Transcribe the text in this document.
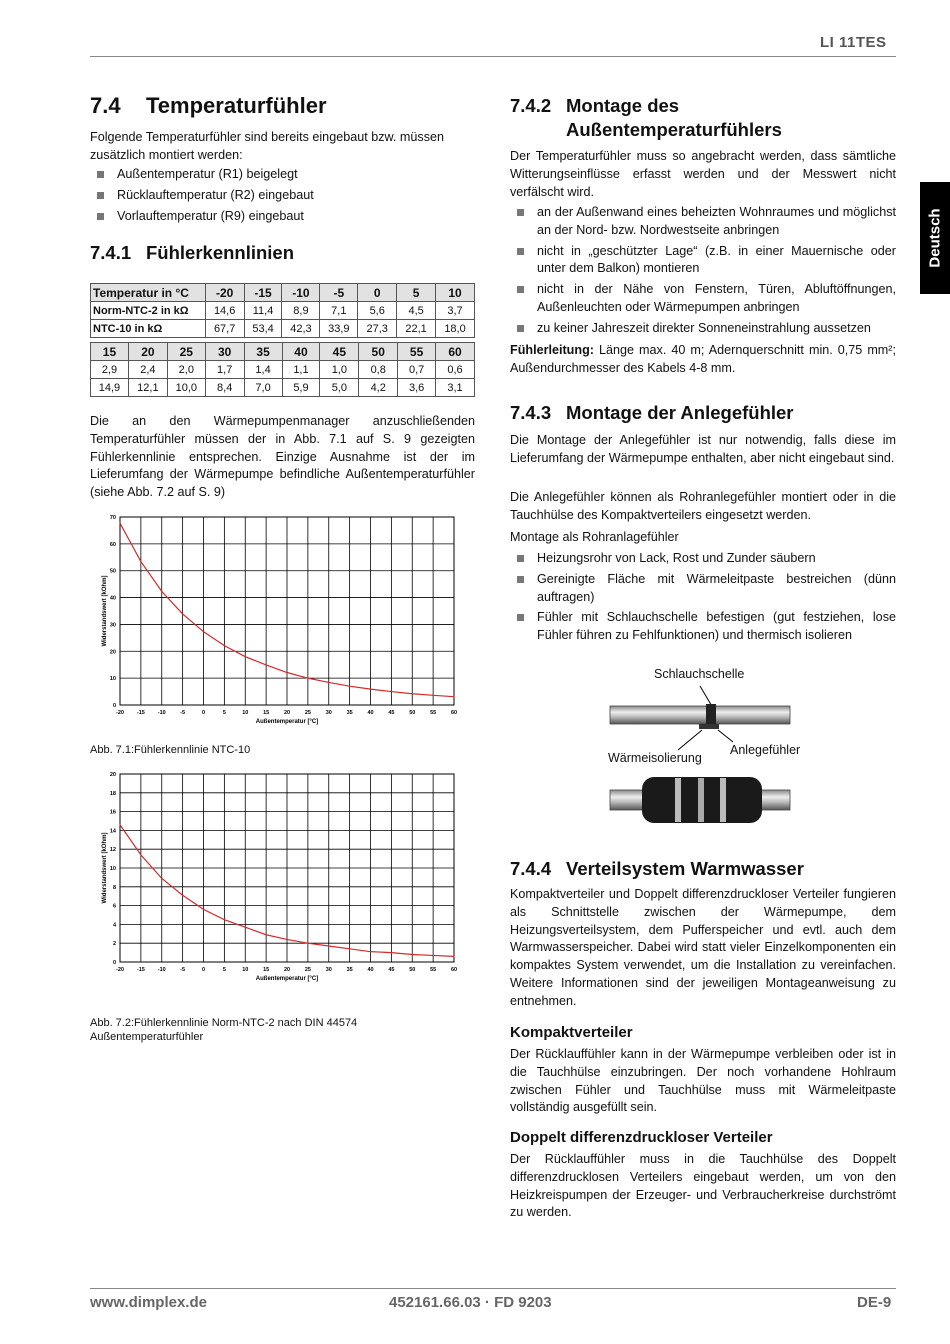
LI 11TES
Deutsch
7.4 Temperaturfühler

Folgende Temperaturfühler sind bereits eingebaut bzw. müssen zusätzlich montiert werden:

Außentemperatur (R1) beigelegt
Rücklauftemperatur (R2) eingebaut
Vorlauftemperatur (R9) eingebaut
7.4.1 Fühlerkennlinien
Temperatur in °C	-20	-15	-10	-5	0	5	10
Norm-NTC-2 in kΩ	14,6	11,4	8,9	7,1	5,6	4,5	3,7
NTC-10 in kΩ	67,7	53,4	42,3	33,9	27,3	22,1	18,0
15	20	25	30	35	40	45	50	55	60
2,9	2,4	2,0	1,7	1,4	1,1	1,0	0,8	0,7	0,6
14,9	12,1	10,0	8,4	7,0	5,9	5,0	4,2	3,6	3,1

Die an den Wärmepumpenmanager anzuschließenden Temperaturfühler müssen der in Abb. 7.1 auf S. 9 gezeigten Fühlerkennlinie entsprechen. Einzige Ausnahme ist der im Lieferumfang der Wärmepumpe befindliche Außentemperaturfühler (siehe Abb. 7.2 auf S. 9)

-20 -15 -10	-5	0	5	10	15	20	25	30	35	40	45	50	55	60
0
10
20
30
40
50
60
70
Außentemperatur [°C]
Widerstandswert [kOhm]
Abb. 7.1:Fühlerkennlinie NTC-10
-20 -15 -10	-5	0	5	10	15	20	25	30	35	40	45	50	55	60
0
2
4
6
8
10
12
14
16
18
20
Außentemperatur [°C]
Widerstandswert [kOhm]
Abb. 7.2:Fühlerkennlinie Norm-NTC-2 nach DIN 44574 Außentemperaturfühler
7.4.2 Montage des
Außentemperaturfühlers

Der Temperaturfühler muss so angebracht werden, dass sämtliche Witterungseinflüsse erfasst werden und der Messwert nicht verfälscht wird.

an der Außenwand eines beheizten Wohnraumes und möglichst an der Nord- bzw. Nordwestseite anbringen
nicht in „geschützter Lage“ (z.B. in einer Mauernische oder unter dem Balkon) montieren
nicht in der Nähe von Fenstern, Türen, Abluftöffnungen, Außenleuchten oder Wärmepumpen anbringen
zu keiner Jahreszeit direkter Sonneneinstrahlung aussetzen

Fühlerleitung: Länge max. 40 m; Adernquerschnitt min. 0,75 mm²; Außendurchmesser des Kabels 4-8 mm.

7.4.3 Montage der Anlegefühler

Die Montage der Anlegefühler ist nur notwendig, falls diese im Lieferumfang der Wärmepumpe enthalten, aber nicht eingebaut sind.

Die Anlegefühler können als Rohranlegefühler montiert oder in die Tauchhülse des Kompaktverteilers eingesetzt werden.

Montage als Rohranlagefühler

Heizungsrohr von Lack, Rost und Zunder säubern
Gereinigte Fläche mit Wärmeleitpaste bestreichen (dünn auftragen)
Fühler mit Schlauchschelle befestigen (gut festziehen, lose Fühler führen zu Fehlfunktionen) und thermisch isolieren
Schlauchschelle
Wärmeisolierung
Anlegefühler
7.4.4 Verteilsystem Warmwasser

Kompaktverteiler und Doppelt differenzdruckloser Verteiler fungieren als Schnittstelle zwischen der Wärmepumpe, dem Heizungsverteilsystem, dem Pufferspeicher und evtl. auch dem Warmwasserspeicher. Dabei wird statt vieler Einzelkomponenten ein kompaktes System verwendet, um die Installation zu vereinfachen. Weitere Informationen sind der jeweiligen Montageanweisung zu entnehmen.

Kompaktverteiler

Der Rücklauffühler kann in der Wärmepumpe verbleiben oder ist in die Tauchhülse einzubringen. Der noch vorhandene Hohlraum zwischen Fühler und Tauchhülse muss mit Wärmeleitpaste vollständig ausgefüllt sein.

Doppelt differenzdruckloser Verteiler

Der Rücklauffühler muss in die Tauchhülse des Doppelt differenzdrucklosen Verteilers eingebaut werden, um von den Heizkreispumpen der Erzeuger- und Verbraucherkreise durchströmt zu werden.

www.dimplex.de	452161.66.03 · FD 9203	DE-9
